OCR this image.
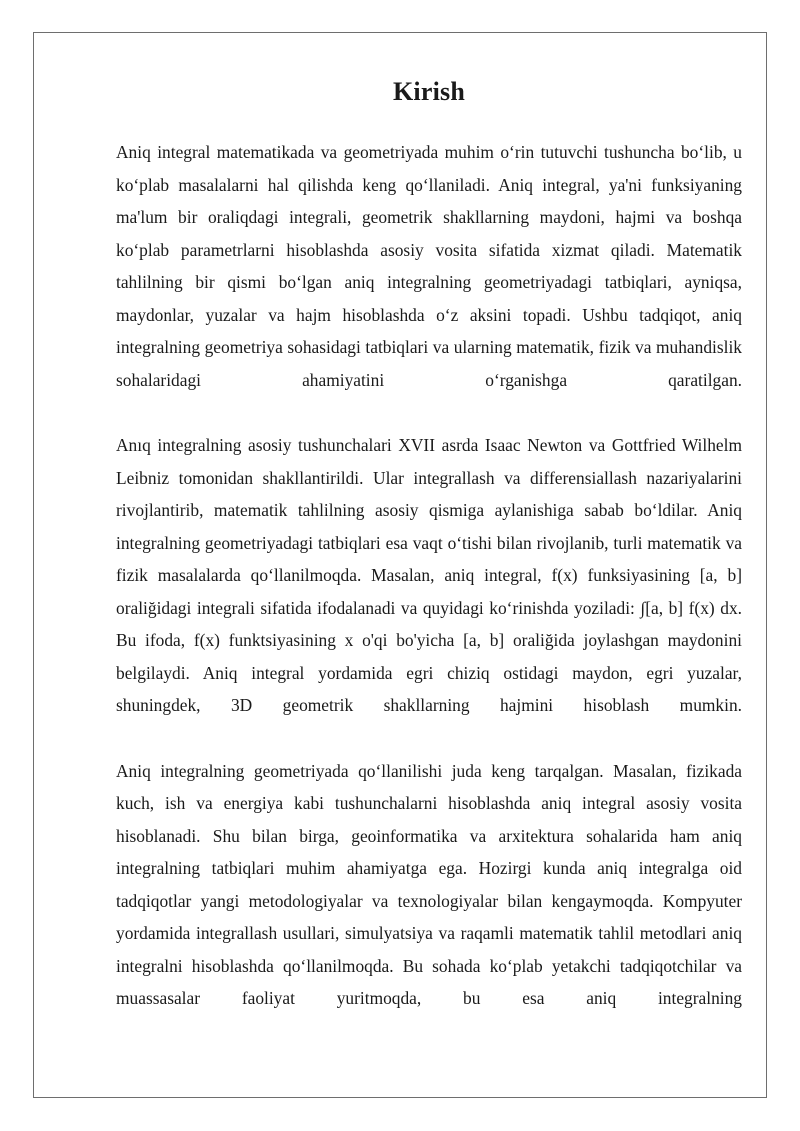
Kirish

Aniq integral matematikada va geometriyada muhim o‘rin tutuvchi tushuncha bo‘lib, u ko‘plab masalalarni hal qilishda keng qo‘llaniladi. Aniq integral, ya'ni funksiyaning ma'lum bir oraliqdagi integrali, geometrik shakllarning maydoni, hajmi va boshqa ko‘plab parametrlarni hisoblashda asosiy vosita sifatida xizmat qiladi. Matematik tahlilning bir qismi bo‘lgan aniq integralning geometriyadagi tatbiqlari, ayniqsa, maydonlar, yuzalar va hajm hisoblashda o‘z aksini topadi. Ushbu tadqiqot, aniq integralning geometriya sohasidagi tatbiqlari va ularning matematik, fizik va muhandislik sohalaridagi ahamiyatini o‘rganishga qaratilgan.

Anıq integralning asosiy tushunchalari XVII asrda Isaac Newton va Gottfried Wilhelm Leibniz tomonidan shakllantirildi. Ular integrallash va differensiallash nazariyalarini rivojlantirib, matematik tahlilning asosiy qismiga aylanishiga sabab bo‘ldilar. Aniq integralning geometriyadagi tatbiqlari esa vaqt o‘tishi bilan rivojlanib, turli matematik va fizik masalalarda qo‘llanilmoqda. Masalan, aniq integral, f(x) funksiyasining [a, b] oraliğidagi integrali sifatida ifodalanadi va quyidagi ko‘rinishda yoziladi: ∫[a, b] f(x) dx. Bu ifoda, f(x) funktsiyasining x o'qi bo'yicha [a, b] oraliğida joylashgan maydonini belgilaydi. Aniq integral yordamida egri chiziq ostidagi maydon, egri yuzalar, shuningdek, 3D geometrik shakllarning hajmini hisoblash mumkin.

Aniq integralning geometriyada qo‘llanilishi juda keng tarqalgan. Masalan, fizikada kuch, ish va energiya kabi tushunchalarni hisoblashda aniq integral asosiy vosita hisoblanadi. Shu bilan birga, geoinformatika va arxitektura sohalarida ham aniq integralning tatbiqlari muhim ahamiyatga ega. Hozirgi kunda aniq integralga oid tadqiqotlar yangi metodologiyalar va texnologiyalar bilan kengaymoqda. Kompyuter yordamida integrallash usullari, simulyatsiya va raqamli matematik tahlil metodlari aniq integralni hisoblashda qo‘llanilmoqda. Bu sohada ko‘plab yetakchi tadqiqotchilar va muassasalar faoliyat yuritmoqda, bu esa aniq integralning
